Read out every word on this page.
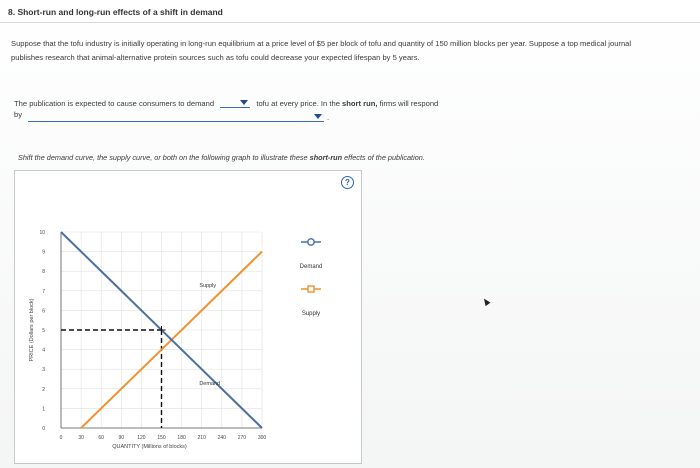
8. Short-run and long-run effects of a shift in demand
Suppose that the tofu industry is initially operating in long-run equilibrium at a price level of $5 per block of tofu and quantity of 150 million blocks per year. Suppose a top medical journal publishes research that animal-alternative protein sources such as tofu could decrease your expected lifespan by 5 years.
The publication is expected to cause consumers to demand	tofu at every price. In the short run, firms will respond
by	.
Shift the demand curve, the supply curve, or both on the following graph to illustrate these short-run effects of the publication.
?
0
1
2
3
4
5
6
7
8
9
10
0	30	60	90	120 150 180 210 240 270 300
QUANTITY (Millions of blocks)
PRICE (Dollars per block)
Supply
Demand
Demand
Supply
